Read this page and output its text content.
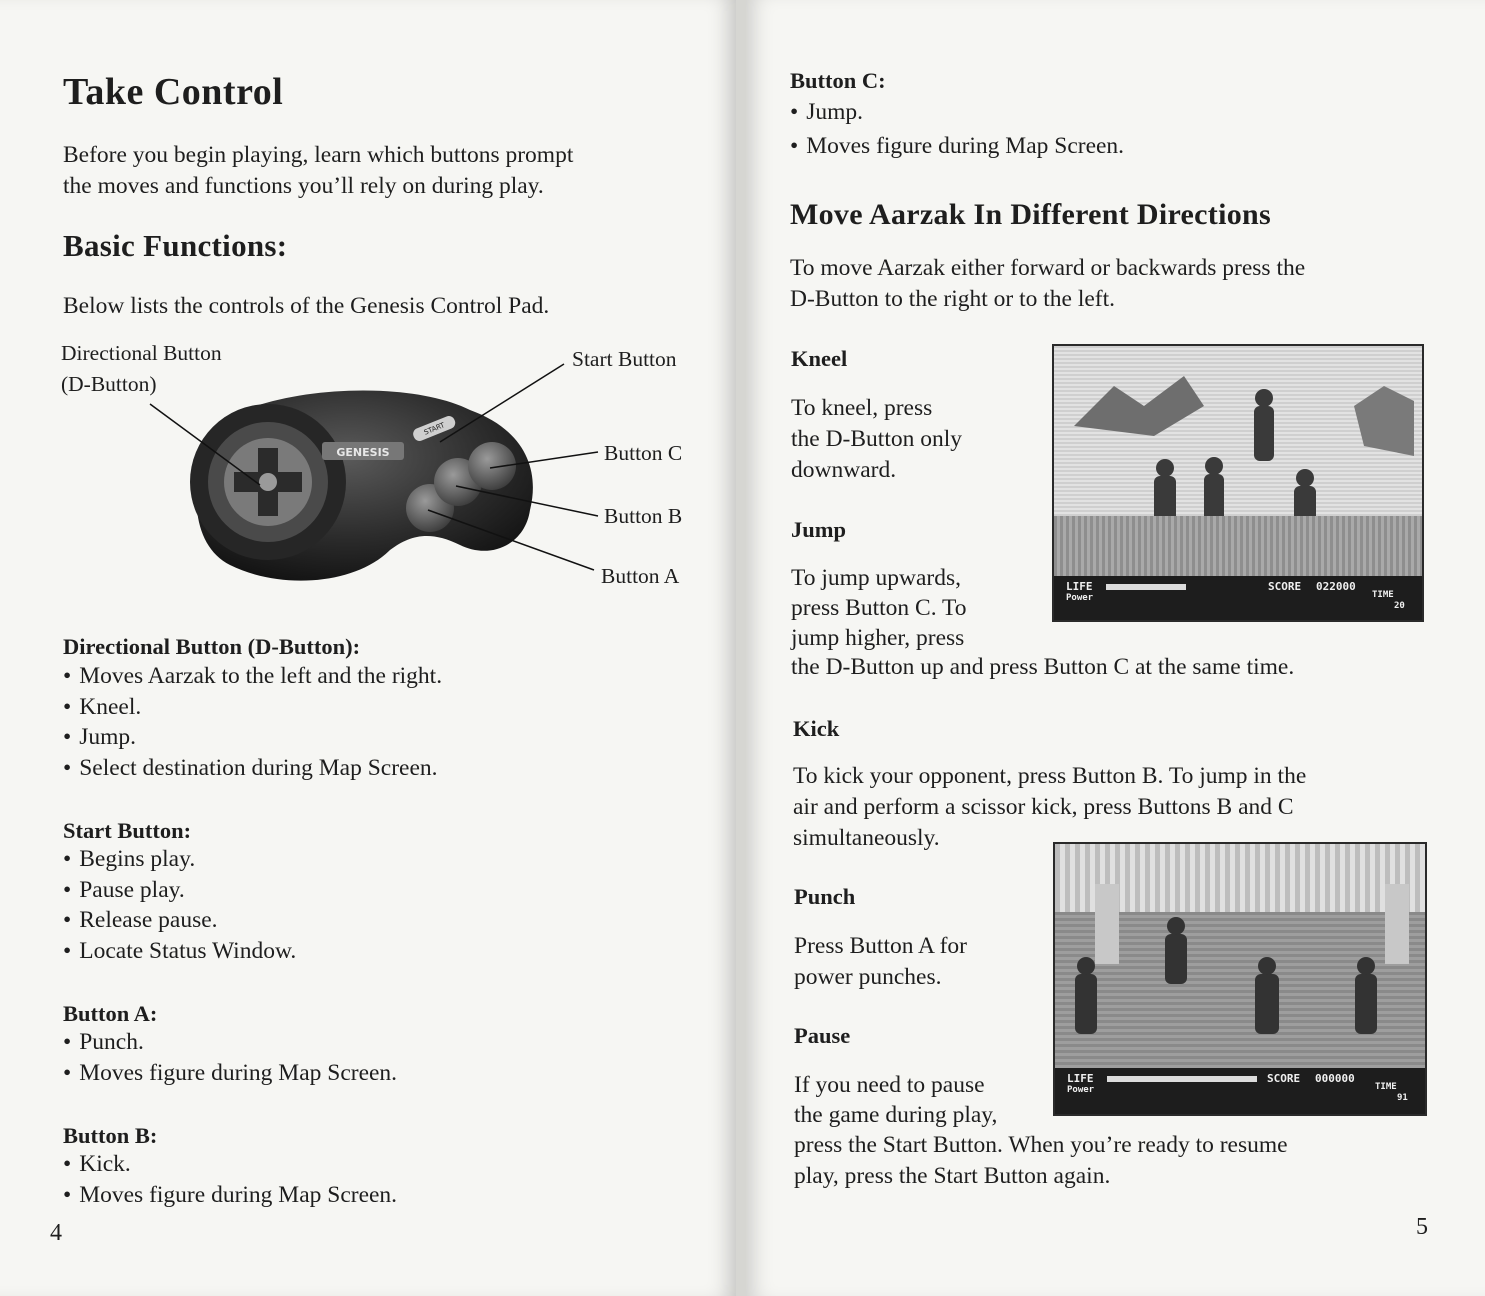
Take Control

Before you begin playing, learn which buttons prompt

the moves and functions you’ll rely on during play.

Basic Functions:

Below lists the controls of the Genesis Control Pad.

Directional Button
(D-Button)
Start Button
Button C
Button B
Button A
GENESIS
START
Directional Button (D-Button):
• Moves Aarzak to the left and the right.
• Kneel.
• Jump.
• Select destination during Map Screen.
Start Button:
• Begins play.
• Pause play.
• Release pause.
• Locate Status Window.
Button A:
• Punch.
• Moves figure during Map Screen.
Button B:
• Kick.
• Moves figure during Map Screen.
4
Button C:
• Jump.
• Moves figure during Map Screen.
Move Aarzak In Different Directions

To move Aarzak either forward or backwards press the

D-Button to the right or to the left.

Kneel

To kneel, press

the D-Button only

downward.

Jump

To jump upwards,

press Button C. To

jump higher, press

the D-Button up and press Button C at the same time.

LIFE
Power
SCORE 022000
TIME
20
Kick

To kick your opponent, press Button B. To jump in the

air and perform a scissor kick, press Buttons B and C

simultaneously.

Punch

Press Button A for

power punches.

Pause

If you need to pause

the game during play,

press the Start Button. When you’re ready to resume

play, press the Start Button again.

LIFE
Power
SCORE 000000
TIME
91
5
